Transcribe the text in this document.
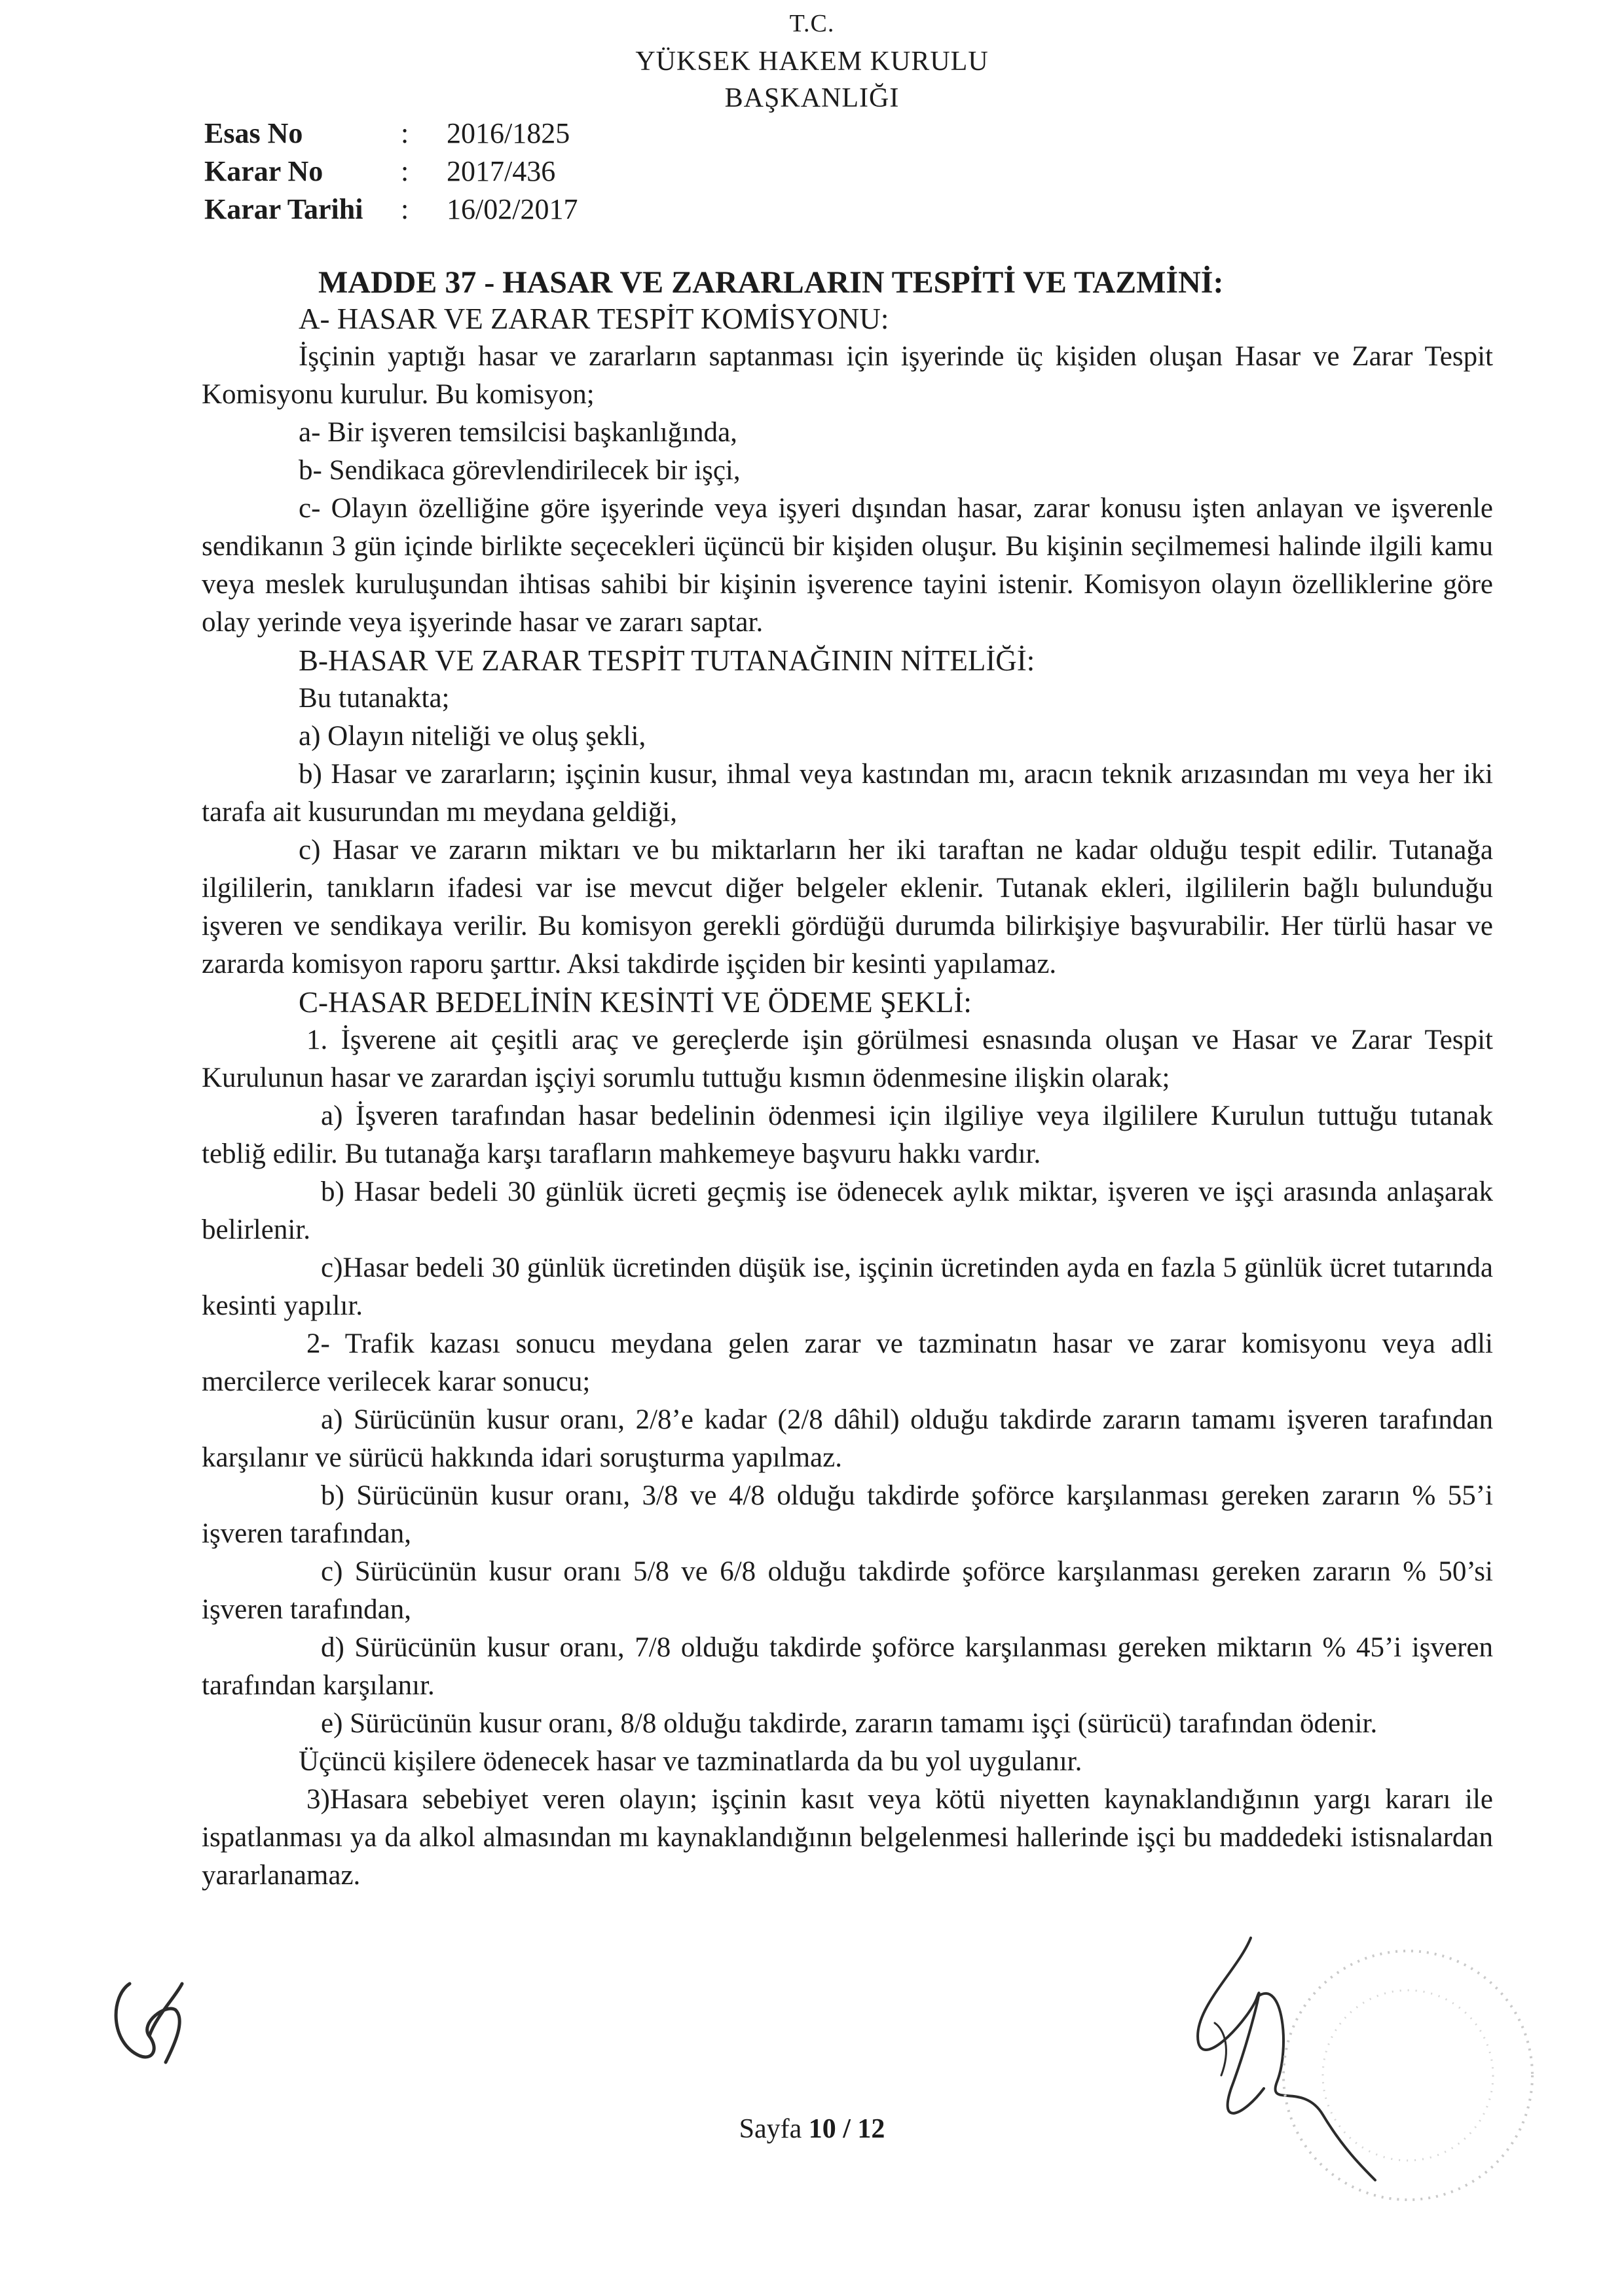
T.C.
YÜKSEK HAKEM KURULU
BAŞKANLIĞI
Esas No	: 2016/1825
Karar No	: 2017/436
Karar Tarihi : 16/02/2017
MADDE 37 - HASAR VE ZARARLARIN TESPİTİ VE TAZMİNİ:

A- HASAR VE ZARAR TESPİT KOMİSYONU:

İşçinin yaptığı hasar ve zararların saptanması için işyerinde üç kişiden oluşan Hasar ve Zarar Tespit Komisyonu kurulur. Bu komisyon;

a- Bir işveren temsilcisi başkanlığında,

b- Sendikaca görevlendirilecek bir işçi,

c- Olayın özelliğine göre işyerinde veya işyeri dışından hasar, zarar konusu işten anlayan ve işverenle sendikanın 3 gün içinde birlikte seçecekleri üçüncü bir kişiden oluşur. Bu kişinin seçilmemesi halinde ilgili kamu veya meslek kuruluşundan ihtisas sahibi bir kişinin işverence tayini istenir. Komisyon olayın özelliklerine göre olay yerinde veya işyerinde hasar ve zararı saptar.

B-HASAR VE ZARAR TESPİT TUTANAĞININ NİTELİĞİ:

Bu tutanakta;

a) Olayın niteliği ve oluş şekli,

b) Hasar ve zararların; işçinin kusur, ihmal veya kastından mı, aracın teknik arızasından mı veya her iki tarafa ait kusurundan mı meydana geldiği,

c) Hasar ve zararın miktarı ve bu miktarların her iki taraftan ne kadar olduğu tespit edilir. Tutanağa ilgililerin, tanıkların ifadesi var ise mevcut diğer belgeler eklenir. Tutanak ekleri, ilgililerin bağlı bulunduğu işveren ve sendikaya verilir. Bu komisyon gerekli gördüğü durumda bilirkişiye başvurabilir. Her türlü hasar ve zararda komisyon raporu şarttır. Aksi takdirde işçiden bir kesinti yapılamaz.

C-HASAR BEDELİNİN KESİNTİ VE ÖDEME ŞEKLİ:

1. İşverene ait çeşitli araç ve gereçlerde işin görülmesi esnasında oluşan ve Hasar ve Zarar Tespit Kurulunun hasar ve zarardan işçiyi sorumlu tuttuğu kısmın ödenmesine ilişkin olarak;

a) İşveren tarafından hasar bedelinin ödenmesi için ilgiliye veya ilgililere Kurulun tuttuğu tutanak tebliğ edilir. Bu tutanağa karşı tarafların mahkemeye başvuru hakkı vardır.

b) Hasar bedeli 30 günlük ücreti geçmiş ise ödenecek aylık miktar, işveren ve işçi arasında anlaşarak belirlenir.

c)Hasar bedeli 30 günlük ücretinden düşük ise, işçinin ücretinden ayda en fazla 5 günlük ücret tutarında kesinti yapılır.

2- Trafik kazası sonucu meydana gelen zarar ve tazminatın hasar ve zarar komisyonu veya adli mercilerce verilecek karar sonucu;

a) Sürücünün kusur oranı, 2/8’e kadar (2/8 dâhil) olduğu takdirde zararın tamamı işveren tarafından karşılanır ve sürücü hakkında idari soruşturma yapılmaz.

b) Sürücünün kusur oranı, 3/8 ve 4/8 olduğu takdirde şoförce karşılanması gereken zararın % 55’i işveren tarafından,

c) Sürücünün kusur oranı 5/8 ve 6/8 olduğu takdirde şoförce karşılanması gereken zararın % 50’si işveren tarafından,

d) Sürücünün kusur oranı, 7/8 olduğu takdirde şoförce karşılanması gereken miktarın % 45’i işveren tarafından karşılanır.

e) Sürücünün kusur oranı, 8/8 olduğu takdirde, zararın tamamı işçi (sürücü) tarafından ödenir.

Üçüncü kişilere ödenecek hasar ve tazminatlarda da bu yol uygulanır.

3)Hasara sebebiyet veren olayın; işçinin kasıt veya kötü niyetten kaynaklandığının yargı kararı ile ispatlanması ya da alkol almasından mı kaynaklandığının belgelenmesi hallerinde işçi bu maddedeki istisnalardan yararlanamaz.

Sayfa 10 / 12
